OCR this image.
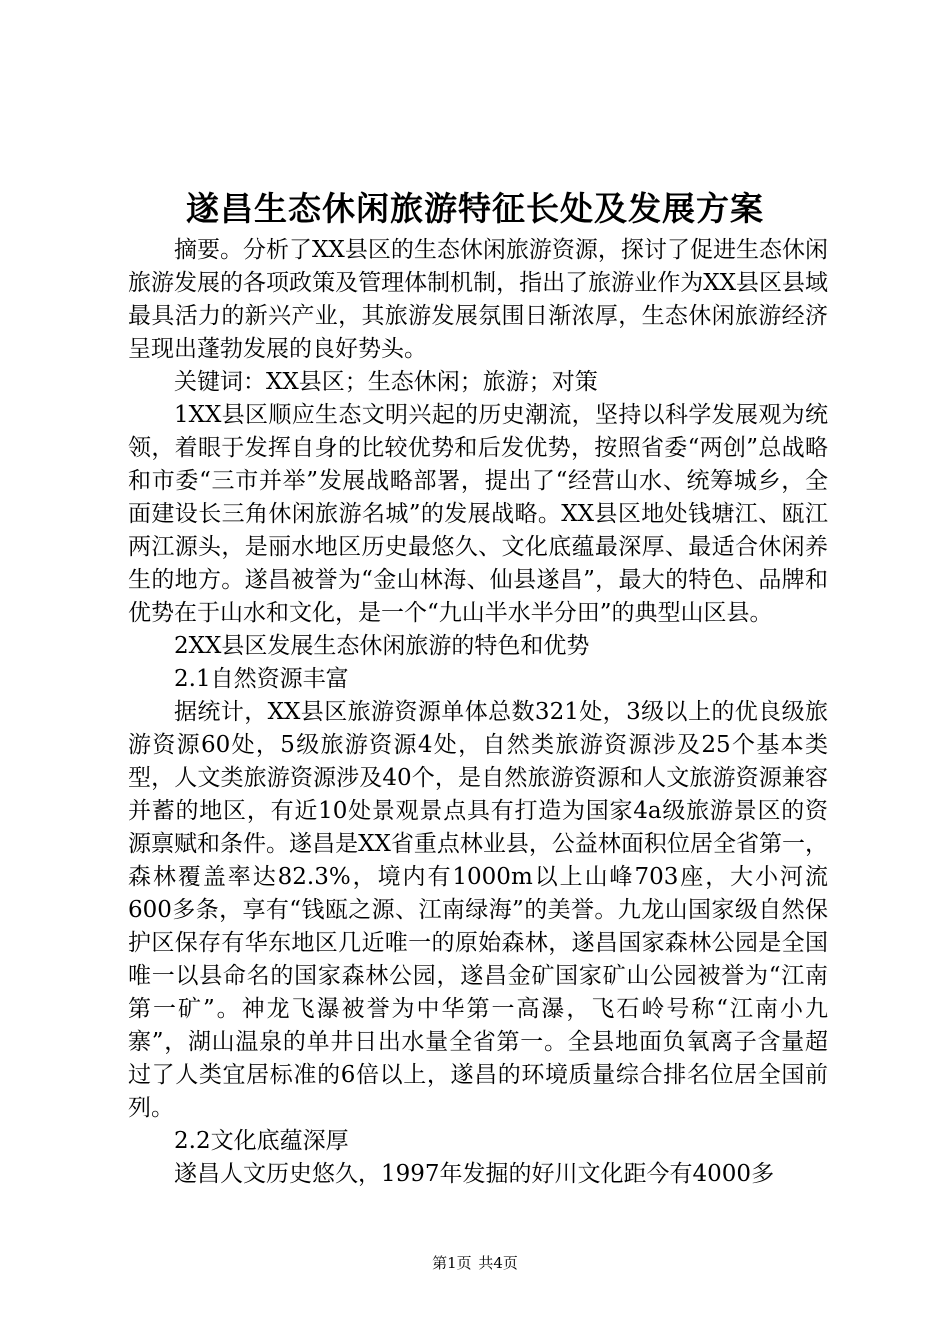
遂昌生态休闲旅游特征长处及发展方案

摘要。分析了XX县区的生态休闲旅游资源，探讨了促进生态休闲旅游发展的各项政策及管理体制机制，指出了旅游业作为XX县区县域最具活力的新兴产业，其旅游发展氛围日渐浓厚，生态休闲旅游经济呈现出蓬勃发展的良好势头。

关键词：XX县区；生态休闲；旅游；对策

1XX县区顺应生态文明兴起的历史潮流，坚持以科学发展观为统领，着眼于发挥自身的比较优势和后发优势，按照省委“两创”总战略和市委“三市并举”发展战略部署，提出了“经营山水、统筹城乡，全面建设长三角休闲旅游名城”的发展战略。XX县区地处钱塘江、瓯江两江源头，是丽水地区历史最悠久、文化底蕴最深厚、最适合休闲养生的地方。遂昌被誉为“金山林海、仙县遂昌”，最大的特色、品牌和优势在于山水和文化，是一个“九山半水半分田”的典型山区县。

2XX县区发展生态休闲旅游的特色和优势

2.1自然资源丰富

据统计，XX县区旅游资源单体总数321处，3级以上的优良级旅游资源60处，5级旅游资源4处，自然类旅游资源涉及25个基本类型，人文类旅游资源涉及40个，是自然旅游资源和人文旅游资源兼容并蓄的地区，有近10处景观景点具有打造为国家4a级旅游景区的资源禀赋和条件。遂昌是XX省重点林业县，公益林面积位居全省第一，森林覆盖率达82.3%，境内有1000m以上山峰703座，大小河流600多条，享有“钱瓯之源、江南绿海”的美誉。九龙山国家级自然保护区保存有华东地区几近唯一的原始森林，遂昌国家森林公园是全国唯一以县命名的国家森林公园，遂昌金矿国家矿山公园被誉为“江南第一矿”。神龙飞瀑被誉为中华第一高瀑，飞石岭号称“江南小九寨”，湖山温泉的单井日出水量全省第一。全县地面负氧离子含量超过了人类宜居标准的6倍以上，遂昌的环境质量综合排名位居全国前列。

2.2文化底蕴深厚

遂昌人文历史悠久，1997年发掘的好川文化距今有4000多

第1页 共4页
